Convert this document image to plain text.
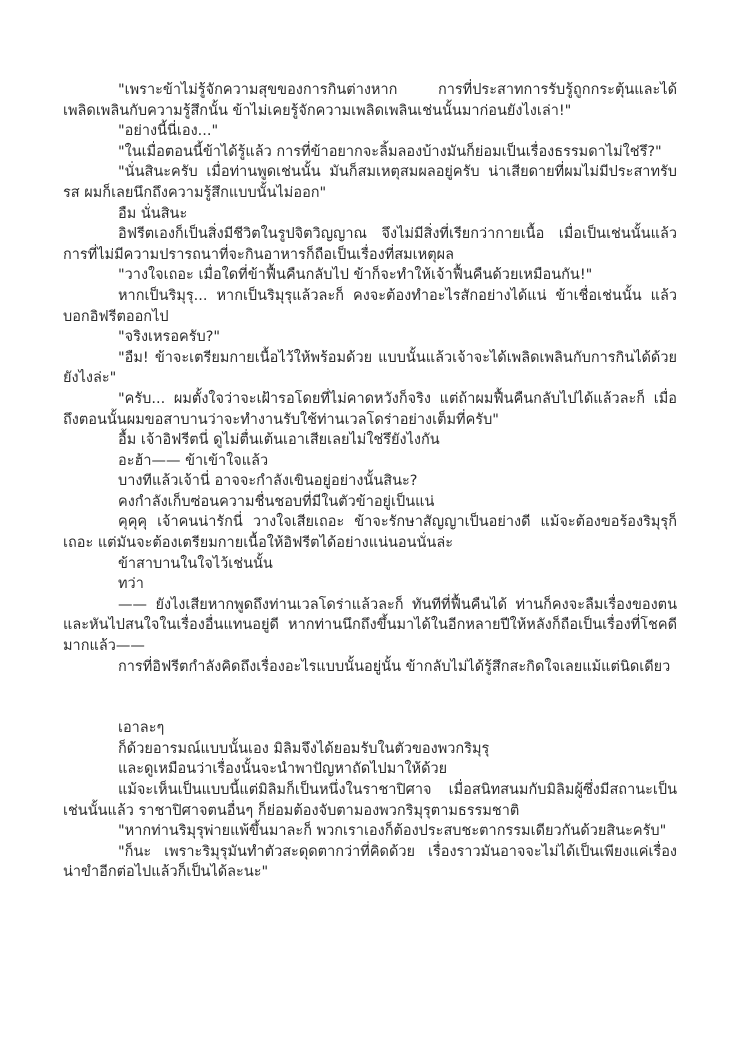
"เพราะข้าไม่รู้จักความสุขของการกินต่างหาก การที่ประสาทการรับรู้ถูกกระตุ้นและได้เพลิดเพลินกับความรู้สึกนั้น ข้าไม่เคยรู้จักความเพลิดเพลินเช่นนั้นมาก่อนยังไงเล่า!"

"อย่างนี้นี่เอง..."

"ในเมื่อตอนนี้ข้าได้รู้แล้ว การที่ข้าอยากจะลิ้มลองบ้างมันก็ย่อมเป็นเรื่องธรรมดาไม่ใช่รึ?"

"นั่นสินะครับ เมื่อท่านพูดเช่นนั้น มันก็สมเหตุสมผลอยู่ครับ น่าเสียดายที่ผมไม่มีประสาทรับรส ผมก็เลยนึกถึงความรู้สึกแบบนั้นไม่ออก"

อืม นั่นสินะ

อิฟรีตเองก็เป็นสิ่งมีชีวิตในรูปจิตวิญญาณ จึงไม่มีสิ่งที่เรียกว่ากายเนื้อ เมื่อเป็นเช่นนั้นแล้ว การที่ไม่มีความปรารถนาที่จะกินอาหารก็ถือเป็นเรื่องที่สมเหตุผล

"วางใจเถอะ เมื่อใดที่ข้าฟื้นคืนกลับไป ข้าก็จะทำให้เจ้าฟื้นคืนด้วยเหมือนกัน!"

หากเป็นริมุรุ... หากเป็นริมุรุแล้วละก็ คงจะต้องทำอะไรสักอย่างได้แน่ ข้าเชื่อเช่นนั้น แล้วบอกอิฟรีตออกไป

"จริงเหรอครับ?"

"อืม! ข้าจะเตรียมกายเนื้อไว้ให้พร้อมด้วย แบบนั้นแล้วเจ้าจะได้เพลิดเพลินกับการกินได้ด้วยยังไงล่ะ"

"ครับ... ผมตั้งใจว่าจะเฝ้ารอโดยที่ไม่คาดหวังก็จริง แต่ถ้าผมฟื้นคืนกลับไปได้แล้วละก็ เมื่อถึงตอนนั้นผมขอสาบานว่าจะทำงานรับใช้ท่านเวลโดร่าอย่างเต็มที่ครับ"

อื้ม เจ้าอิฟรีตนี่ ดูไม่ตื่นเต้นเอาเสียเลยไม่ใช่รึยังไงกัน

อะฮ้า—— ข้าเข้าใจแล้ว

บางทีแล้วเจ้านี่ อาจจะกำลังเขินอยู่อย่างนั้นสินะ?

คงกำลังเก็บซ่อนความชื่นชอบที่มีในตัวข้าอยู่เป็นแน่

คุคุคุ เจ้าคนน่ารักนี่ วางใจเสียเถอะ ข้าจะรักษาสัญญาเป็นอย่างดี แม้จะต้องขอร้องริมุรุก็เถอะ แต่มันจะต้องเตรียมกายเนื้อให้อิฟรีตได้อย่างแน่นอนนั่นล่ะ

ข้าสาบานในใจไว้เช่นนั้น

ทว่า

—— ยังไงเสียหากพูดถึงท่านเวลโดร่าแล้วละก็ ทันทีที่ฟื้นคืนได้ ท่านก็คงจะลืมเรื่องของตนและหันไปสนใจในเรื่องอื่นแทนอยู่ดี หากท่านนึกถึงขึ้นมาได้ในอีกหลายปีให้หลังก็ถือเป็นเรื่องที่โชคดีมากแล้ว——

การที่อิฟรีตกำลังคิดถึงเรื่องอะไรแบบนั้นอยู่นั้น ข้ากลับไม่ได้รู้สึกสะกิดใจเลยแม้แต่นิดเดียว

เอาละๆ

ก็ด้วยอารมณ์แบบนั้นเอง มิลิมจึงได้ยอมรับในตัวของพวกริมุรุ

และดูเหมือนว่าเรื่องนั้นจะนำพาปัญหาถัดไปมาให้ด้วย

แม้จะเห็นเป็นแบบนี้แต่มิลิมก็เป็นหนึ่งในราชาปิศาจ เมื่อสนิทสนมกับมิลิมผู้ซึ่งมีสถานะเป็นเช่นนั้นแล้ว ราชาปิศาจตนอื่นๆ ก็ย่อมต้องจับตามองพวกริมุรุตามธรรมชาติ

"หากท่านริมุรุพ่ายแพ้ขึ้นมาละก็ พวกเราเองก็ต้องประสบชะตากรรมเดียวกันด้วยสินะครับ"

"ก็นะ เพราะริมุรุมันทำตัวสะดุดตากว่าที่คิดด้วย เรื่องราวมันอาจจะไม่ได้เป็นเพียงแค่เรื่องน่าขำอีกต่อไปแล้วก็เป็นได้ละนะ"
